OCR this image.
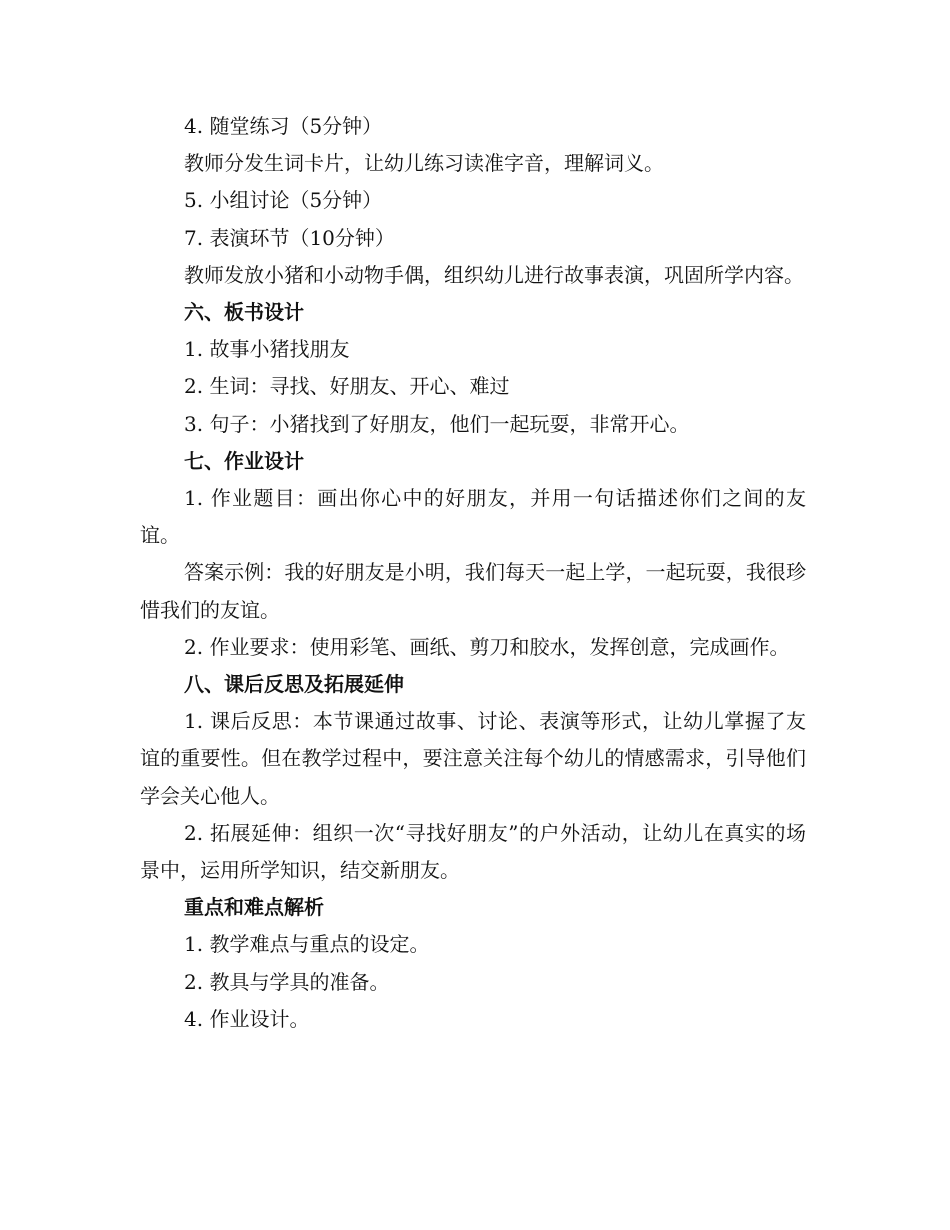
4. 随堂练习（5分钟）

教师分发生词卡片，让幼儿练习读准字音，理解词义。

5. 小组讨论（5分钟）

7. 表演环节（10分钟）

教师发放小猪和小动物手偶，组织幼儿进行故事表演，巩固所学内容。

六、板书设计

1. 故事小猪找朋友

2. 生词：寻找、好朋友、开心、难过

3. 句子：小猪找到了好朋友，他们一起玩耍，非常开心。

七、作业设计

1. 作业题目：画出你心中的好朋友，并用一句话描述你们之间的友谊。

答案示例：我的好朋友是小明，我们每天一起上学，一起玩耍，我很珍惜我们的友谊。

2. 作业要求：使用彩笔、画纸、剪刀和胶水，发挥创意，完成画作。

八、课后反思及拓展延伸

1. 课后反思：本节课通过故事、讨论、表演等形式，让幼儿掌握了友谊的重要性。但在教学过程中，要注意关注每个幼儿的情感需求，引导他们学会关心他人。

2. 拓展延伸：组织一次“寻找好朋友”的户外活动，让幼儿在真实的场景中，运用所学知识，结交新朋友。

重点和难点解析

1. 教学难点与重点的设定。

2. 教具与学具的准备。

4. 作业设计。
